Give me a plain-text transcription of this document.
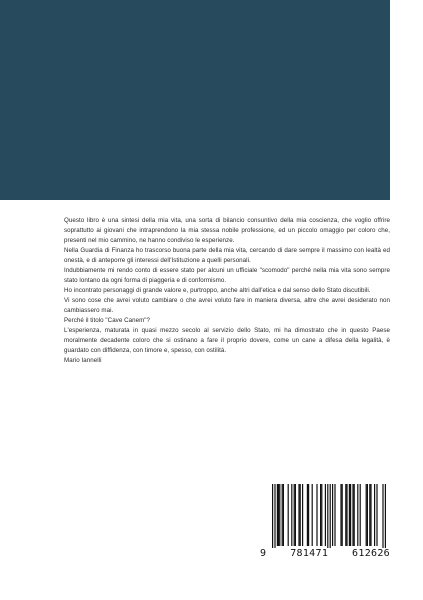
Questo libro è una sintesi della mia vita, una sorta di bilancio consuntivo della mia coscienza, che voglio offrire soprattutto ai giovani che intraprendono la mia stessa nobile professione, ed un piccolo omaggio per coloro che, presenti nel mio cammino, ne hanno condiviso le esperienze.

Nella Guardia di Finanza ho trascorso buona parte della mia vita, cercando di dare sempre il massimo con lealtà ed onestà, e di anteporre gli interessi dell'Istituzione a quelli personali.

Indubbiamente mi rendo conto di essere stato per alcuni un ufficiale "scomodo" perché nella mia vita sono sempre stato lontano da ogni forma di piaggeria e di conformismo.

Ho incontrato personaggi di grande valore e, purtroppo, anche altri dall'etica e dal senso dello Stato discutibili.

Vi sono cose che avrei voluto cambiare o che avrei voluto fare in maniera diversa, altre che avrei desiderato non cambiassero mai.

Perché il titolo "Cave Canem"?

L'esperienza, maturata in quasi mezzo secolo al servizio dello Stato, mi ha dimostrato che in questo Paese moralmente decadente coloro che si ostinano a fare il proprio dovere, come un cane a difesa della legalità, è guardato con diffidenza, con timore e, spesso, con ostilità.

Mario Iannelli

9 781471 612626
